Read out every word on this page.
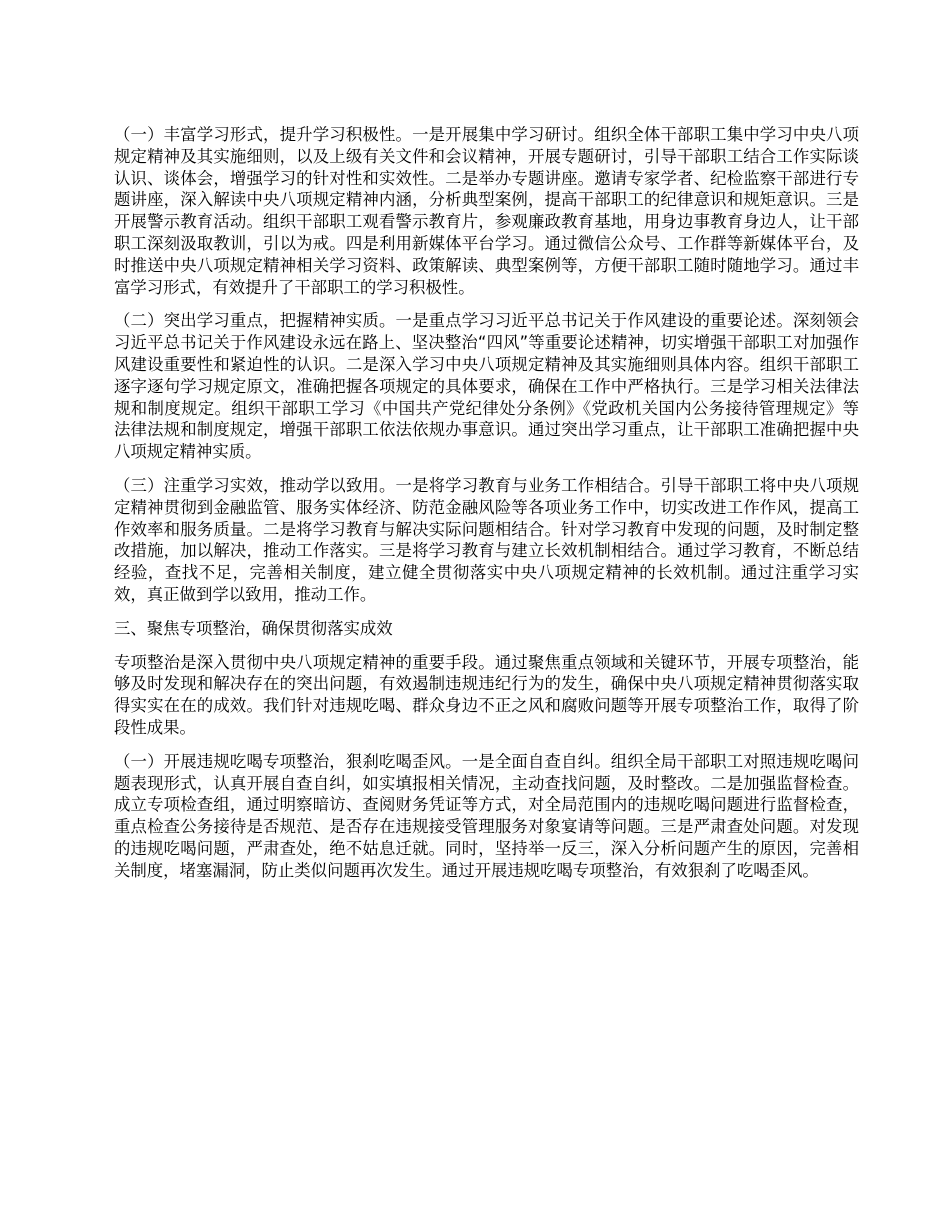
（一）丰富学习形式，提升学习积极性。一是开展集中学习研讨。组织全体干部职工集中学习中央八项规定精神及其实施细则，以及上级有关文件和会议精神，开展专题研讨，引导干部职工结合工作实际谈认识、谈体会，增强学习的针对性和实效性。二是举办专题讲座。邀请专家学者、纪检监察干部进行专题讲座，深入解读中央八项规定精神内涵，分析典型案例，提高干部职工的纪律意识和规矩意识。三是开展警示教育活动。组织干部职工观看警示教育片，参观廉政教育基地，用身边事教育身边人，让干部职工深刻汲取教训，引以为戒。四是利用新媒体平台学习。通过微信公众号、工作群等新媒体平台，及时推送中央八项规定精神相关学习资料、政策解读、典型案例等，方便干部职工随时随地学习。通过丰富学习形式，有效提升了干部职工的学习积极性。

（二）突出学习重点，把握精神实质。一是重点学习习近平总书记关于作风建设的重要论述。深刻领会习近平总书记关于作风建设永远在路上、坚决整治“四风”等重要论述精神，切实增强干部职工对加强作风建设重要性和紧迫性的认识。二是深入学习中央八项规定精神及其实施细则具体内容。组织干部职工逐字逐句学习规定原文，准确把握各项规定的具体要求，确保在工作中严格执行。三是学习相关法律法规和制度规定。组织干部职工学习《中国共产党纪律处分条例》《党政机关国内公务接待管理规定》等法律法规和制度规定，增强干部职工依法依规办事意识。通过突出学习重点，让干部职工准确把握中央八项规定精神实质。

（三）注重学习实效，推动学以致用。一是将学习教育与业务工作相结合。引导干部职工将中央八项规定精神贯彻到金融监管、服务实体经济、防范金融风险等各项业务工作中，切实改进工作作风，提高工作效率和服务质量。二是将学习教育与解决实际问题相结合。针对学习教育中发现的问题，及时制定整改措施，加以解决，推动工作落实。三是将学习教育与建立长效机制相结合。通过学习教育，不断总结经验，查找不足，完善相关制度，建立健全贯彻落实中央八项规定精神的长效机制。通过注重学习实效，真正做到学以致用，推动工作。

三、聚焦专项整治，确保贯彻落实成效

专项整治是深入贯彻中央八项规定精神的重要手段。通过聚焦重点领域和关键环节，开展专项整治，能够及时发现和解决存在的突出问题，有效遏制违规违纪行为的发生，确保中央八项规定精神贯彻落实取得实实在在的成效。我们针对违规吃喝、群众身边不正之风和腐败问题等开展专项整治工作，取得了阶段性成果。

（一）开展违规吃喝专项整治，狠刹吃喝歪风。一是全面自查自纠。组织全局干部职工对照违规吃喝问题表现形式，认真开展自查自纠，如实填报相关情况，主动查找问题，及时整改。二是加强监督检查。成立专项检查组，通过明察暗访、查阅财务凭证等方式，对全局范围内的违规吃喝问题进行监督检查，重点检查公务接待是否规范、是否存在违规接受管理服务对象宴请等问题。三是严肃查处问题。对发现的违规吃喝问题，严肃查处，绝不姑息迁就。同时，坚持举一反三，深入分析问题产生的原因，完善相关制度，堵塞漏洞，防止类似问题再次发生。通过开展违规吃喝专项整治，有效狠刹了吃喝歪风。
